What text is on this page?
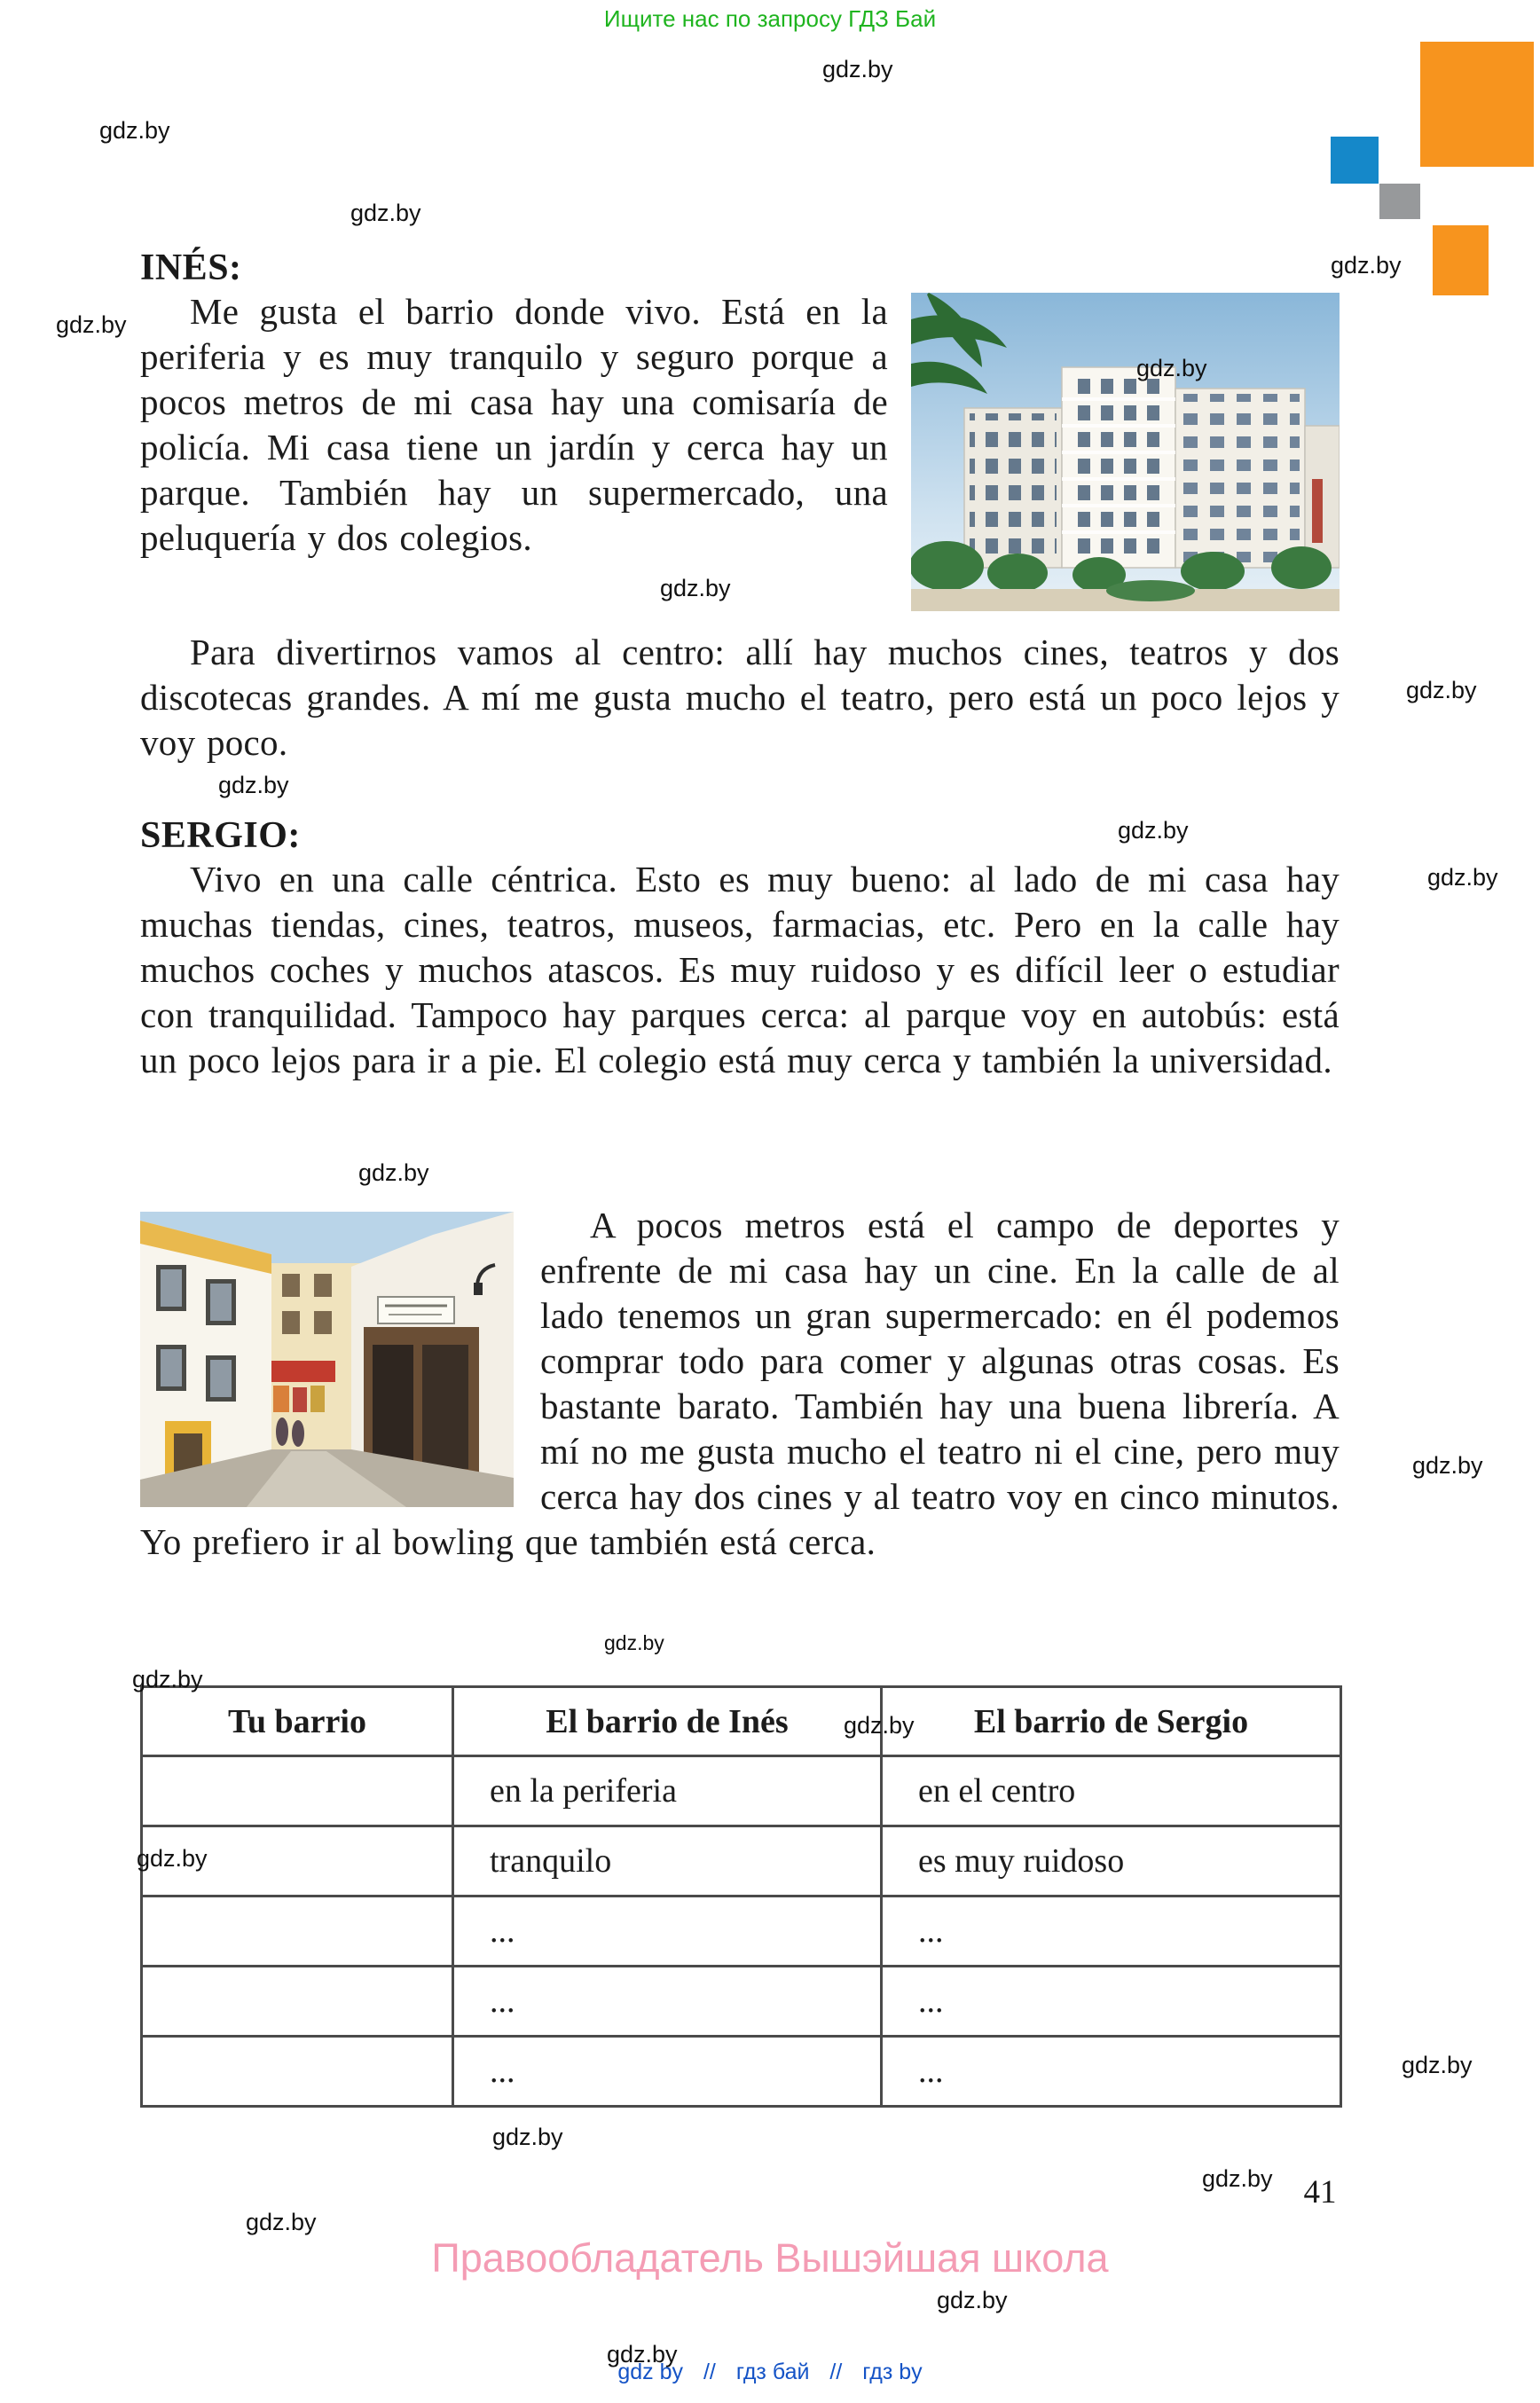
Ищите нас по запросу ГДЗ Бай
gdz.by
gdz.by
gdz.by
gdz.by
gdz.by
gdz.by
gdz.by
gdz.by
gdz.by
gdz.by
gdz.by
gdz.by
gdz.by
gdz.by
gdz.by
gdz.by
gdz.by
gdz.by
gdz.by
gdz.by
gdz.by
gdz.by
gdz.by
INÉS:

Me gusta el barrio donde vivo. Está en la periferia y es muy tranquilo y seguro porque a pocos metros de mi casa hay una comisaría de policía. Mi casa tiene un jardín y cerca hay un parque. También hay un supermercado, una peluquería y dos colegios.

Para divertirnos vamos al centro: allí hay muchos cines, teatros y dos discotecas grandes. A mí me gusta mucho el teatro, pero está un poco lejos y voy poco.

SERGIO:

Vivo en una calle céntrica. Esto es muy bueno: al lado de mi casa hay muchas tiendas, cines, teatros, museos, farmacias, etc. Pero en la calle hay muchos coches y muchos atascos. Es muy ruidoso y es difícil leer o estudiar con tranquilidad. Tampoco hay parques cerca: al parque voy en autobús: está un poco lejos para ir a pie. El colegio está muy cerca y también la universidad.

A pocos metros está el campo de deportes y enfrente de mi casa hay un cine. En la calle de al lado tenemos un gran supermercado: en él podemos comprar todo para comer y algunas otras cosas. Es bastante barato. También hay una buena librería. A mí no me gusta mucho el teatro ni el cine, pero muy cerca hay dos cines y al teatro voy en cinco minutos. Yo prefiero ir al bowling que también está cerca.

Tu barrio	El barrio de Inés	El barrio de Sergio
	en la periferia	en el centro
	tranquilo	es muy ruidoso
	...	...
	...	...
	...	...
41
Правообладатель Вышэйшая школа
gdz by // гдз бай // гдз by
